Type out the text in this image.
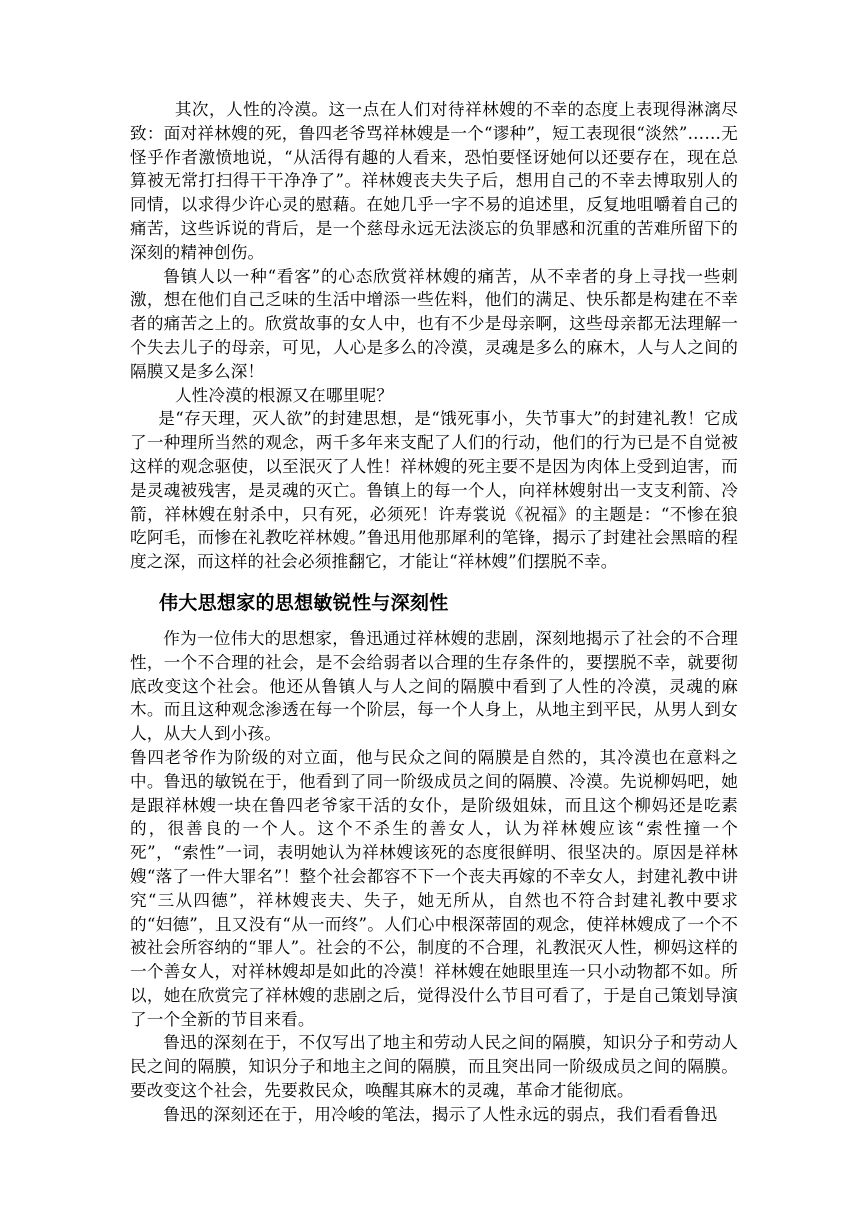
其次，人性的冷漠。这一点在人们对待祥林嫂的不幸的态度上表现得淋漓尽致：面对祥林嫂的死，鲁四老爷骂祥林嫂是一个“谬种”，短工表现很“淡然”……无怪乎作者激愤地说，“从活得有趣的人看来，恐怕要怪讶她何以还要存在，现在总算被无常打扫得干干净净了”。祥林嫂丧夫失子后，想用自己的不幸去博取别人的同情，以求得少许心灵的慰藉。在她几乎一字不易的追述里，反复地咀嚼着自己的痛苦，这些诉说的背后，是一个慈母永远无法淡忘的负罪感和沉重的苦难所留下的深刻的精神创伤。

鲁镇人以一种“看客”的心态欣赏祥林嫂的痛苦，从不幸者的身上寻找一些刺激，想在他们自己乏味的生活中增添一些佐料，他们的满足、快乐都是构建在不幸者的痛苦之上的。欣赏故事的女人中，也有不少是母亲啊，这些母亲都无法理解一个失去儿子的母亲，可见，人心是多么的冷漠，灵魂是多么的麻木，人与人之间的隔膜又是多么深！

人性冷漠的根源又在哪里呢？

是“存天理，灭人欲”的封建思想，是“饿死事小，失节事大”的封建礼教！它成了一种理所当然的观念，两千多年来支配了人们的行动，他们的行为已是不自觉被这样的观念驱使，以至泯灭了人性！祥林嫂的死主要不是因为肉体上受到迫害，而是灵魂被残害，是灵魂的灭亡。鲁镇上的每一个人，向祥林嫂射出一支支利箭、冷箭，祥林嫂在射杀中，只有死，必须死！许寿裳说《祝福》的主题是：“不惨在狼吃阿毛，而惨在礼教吃祥林嫂。”鲁迅用他那犀利的笔锋，揭示了封建社会黑暗的程度之深，而这样的社会必须推翻它，才能让“祥林嫂”们摆脱不幸。

伟大思想家的思想敏锐性与深刻性

作为一位伟大的思想家，鲁迅通过祥林嫂的悲剧，深刻地揭示了社会的不合理性，一个不合理的社会，是不会给弱者以合理的生存条件的，要摆脱不幸，就要彻底改变这个社会。他还从鲁镇人与人之间的隔膜中看到了人性的冷漠，灵魂的麻木。而且这种观念渗透在每一个阶层，每一个人身上，从地主到平民，从男人到女人，从大人到小孩。

鲁四老爷作为阶级的对立面，他与民众之间的隔膜是自然的，其冷漠也在意料之中。鲁迅的敏锐在于，他看到了同一阶级成员之间的隔膜、冷漠。先说柳妈吧，她是跟祥林嫂一块在鲁四老爷家干活的女仆，是阶级姐妹，而且这个柳妈还是吃素的，很善良的一个人。这个不杀生的善女人，认为祥林嫂应该“索性撞一个死”，“索性”一词，表明她认为祥林嫂该死的态度很鲜明、很坚决的。原因是祥林嫂“落了一件大罪名”！整个社会都容不下一个丧夫再嫁的不幸女人，封建礼教中讲究“三从四德”，祥林嫂丧夫、失子，她无所从，自然也不符合封建礼教中要求的“妇德”，且又没有“从一而终”。人们心中根深蒂固的观念，使祥林嫂成了一个不被社会所容纳的“罪人”。社会的不公，制度的不合理，礼教泯灭人性，柳妈这样的一个善女人，对祥林嫂却是如此的冷漠！祥林嫂在她眼里连一只小动物都不如。所以，她在欣赏完了祥林嫂的悲剧之后，觉得没什么节目可看了，于是自己策划导演了一个全新的节目来看。

鲁迅的深刻在于，不仅写出了地主和劳动人民之间的隔膜，知识分子和劳动人民之间的隔膜，知识分子和地主之间的隔膜，而且突出同一阶级成员之间的隔膜。要改变这个社会，先要救民众，唤醒其麻木的灵魂，革命才能彻底。

鲁迅的深刻还在于，用冷峻的笔法，揭示了人性永远的弱点，我们看看鲁迅
